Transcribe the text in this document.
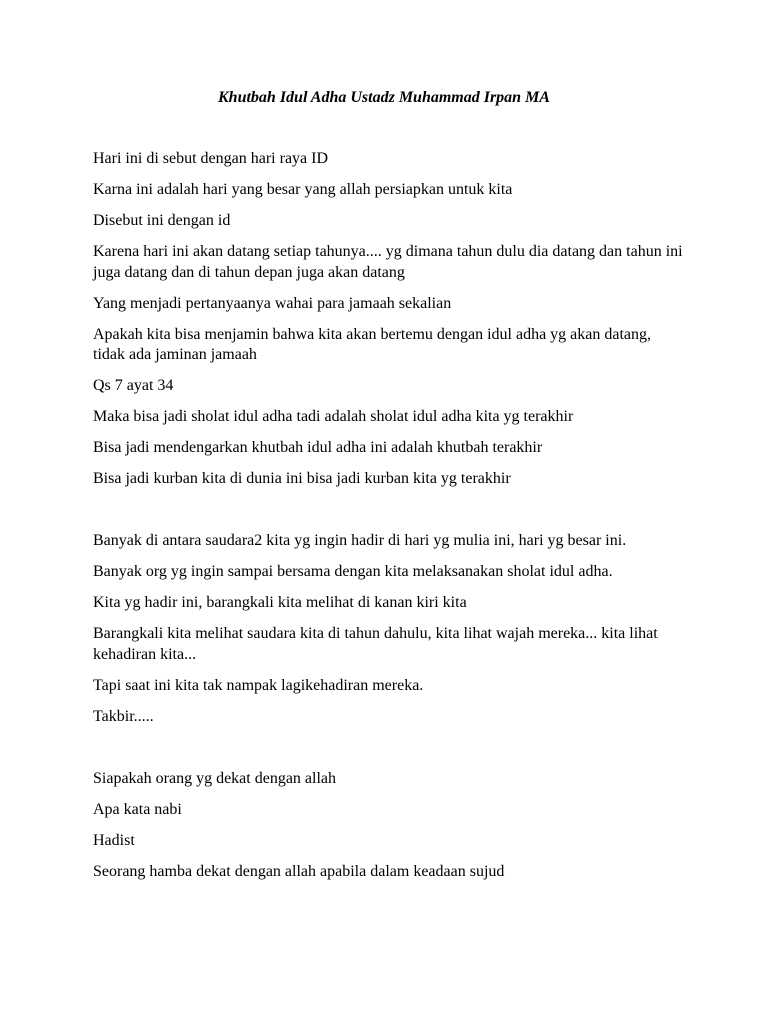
Khutbah Idul Adha Ustadz Muhammad Irpan MA

Hari ini di sebut dengan hari raya ID

Karna ini adalah hari yang besar yang allah persiapkan untuk kita

Disebut ini dengan id

Karena hari ini akan datang setiap tahunya.... yg dimana tahun dulu dia datang dan tahun ini juga datang dan di tahun depan juga akan datang

Yang menjadi pertanyaanya wahai para jamaah sekalian

Apakah kita bisa menjamin bahwa kita akan bertemu dengan idul adha yg akan datang, tidak ada jaminan jamaah

Qs 7 ayat 34

Maka bisa jadi sholat idul adha tadi adalah sholat idul adha kita yg terakhir

Bisa jadi mendengarkan khutbah idul adha ini adalah khutbah terakhir

Bisa jadi kurban kita di dunia ini bisa jadi kurban kita yg terakhir

Banyak di antara saudara2 kita yg ingin hadir di hari yg mulia ini, hari yg besar ini.

Banyak org yg ingin sampai bersama dengan kita melaksanakan sholat idul adha.

Kita yg hadir ini, barangkali kita melihat di kanan kiri kita

Barangkali kita melihat saudara kita di tahun dahulu, kita lihat wajah mereka... kita lihat kehadiran kita...

Tapi saat ini kita tak nampak lagikehadiran mereka.

Takbir.....

Siapakah orang yg dekat dengan allah

Apa kata nabi

Hadist

Seorang hamba dekat dengan allah apabila dalam keadaan sujud
